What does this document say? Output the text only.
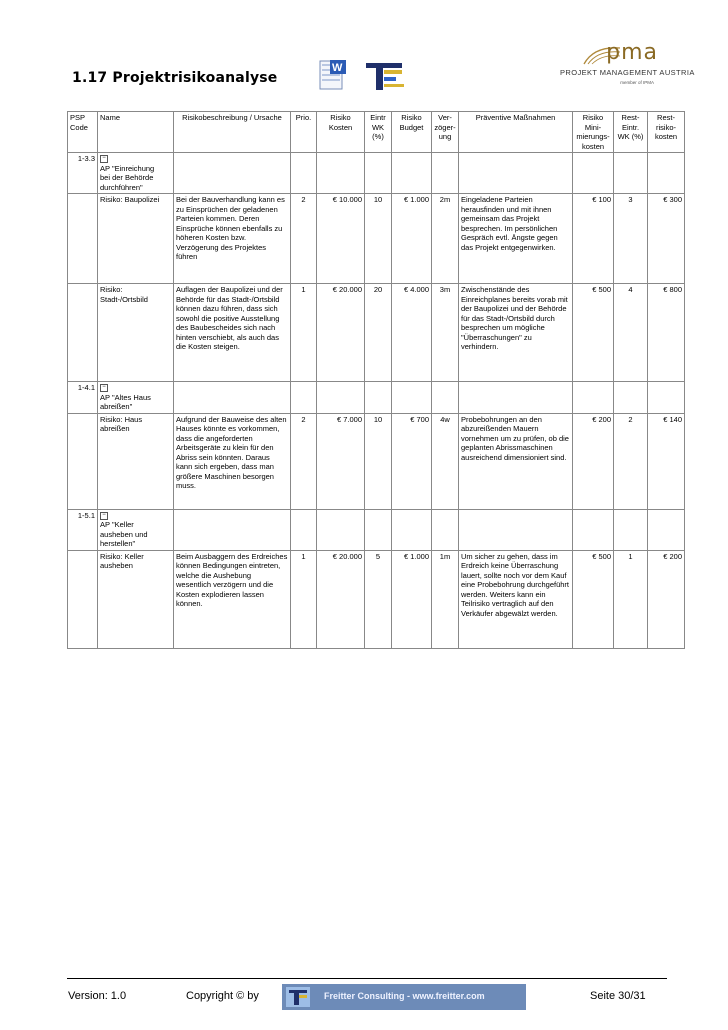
1.17 Projektrisikoanalyse
W
pma
PROJEKT MANAGEMENT AUSTRIA
member of IPMA
PSP Code	Name	Risikobeschreibung / Ursache	Prio.	Risiko Kosten	Eintr WK (%)	Risiko Budget	Ver-zöger-ung	Präventive Maßnahmen	Risiko Mini-mierungs-kosten	Rest-Eintr. WK (%)	Rest-risiko-kosten
1-3.3	−AP "Einreichung bei der Behörde durchführen"										
	Risiko: Baupolizei	Bei der Bauverhandlung kann es zu Einsprüchen der geladenen Parteien kommen. Deren Einsprüche können ebenfalls zu höheren Kosten bzw. Verzögerung des Projektes führen	2	€ 10.000	10	€ 1.000	2m	Eingeladene Parteien herausfinden und mit ihnen gemeinsam das Projekt besprechen. Im persönlichen Gespräch evtl. Ängste gegen das Projekt entgegenwirken.	€ 100	3	€ 300
	Risiko: Stadt-/Ortsbild	Auflagen der Baupolizei und der Behörde für das Stadt-/Ortsbild können dazu führen, dass sich sowohl die positive Ausstellung des Baubescheides sich nach hinten verschiebt, als auch das die Kosten steigen.	1	€ 20.000	20	€ 4.000	3m	Zwischenstände des Einreichplanes bereits vorab mit der Baupolizei und der Behörde für das Stadt-/Ortsbild durch besprechen um mögliche "Überraschungen" zu verhindern.	€ 500	4	€ 800
1-4.1	−AP "Altes Haus abreißen"										
	Risiko: Haus abreißen	Aufgrund der Bauweise des alten Hauses könnte es vorkommen, dass die angeforderten Arbeitsgeräte zu klein für den Abriss sein könnten. Daraus kann sich ergeben, dass man größere Maschinen besorgen muss.	2	€ 7.000	10	€ 700	4w	Probebohrungen an den abzureißenden Mauern vornehmen um zu prüfen, ob die geplanten Abrissmaschinen ausreichend dimensioniert sind.	€ 200	2	€ 140
1-5.1	−AP "Keller ausheben und herstellen"										
	Risiko: Keller ausheben	Beim Ausbaggern des Erdreiches können Bedingungen eintreten, welche die Aushebung wesentlich verzögern und die Kosten explodieren lassen können.	1	€ 20.000	5	€ 1.000	1m	Um sicher zu gehen, dass im Erdreich keine Überraschung lauert, sollte noch vor dem Kauf eine Probebohrung durchgeführt werden. Weiters kann ein Teilrisiko vertraglich auf den Verkäufer abgewälzt werden.	€ 500	1	€ 200
Version: 1.0	Copyright © by	Freitter Consulting - www.freitter.com	Seite 30/31
